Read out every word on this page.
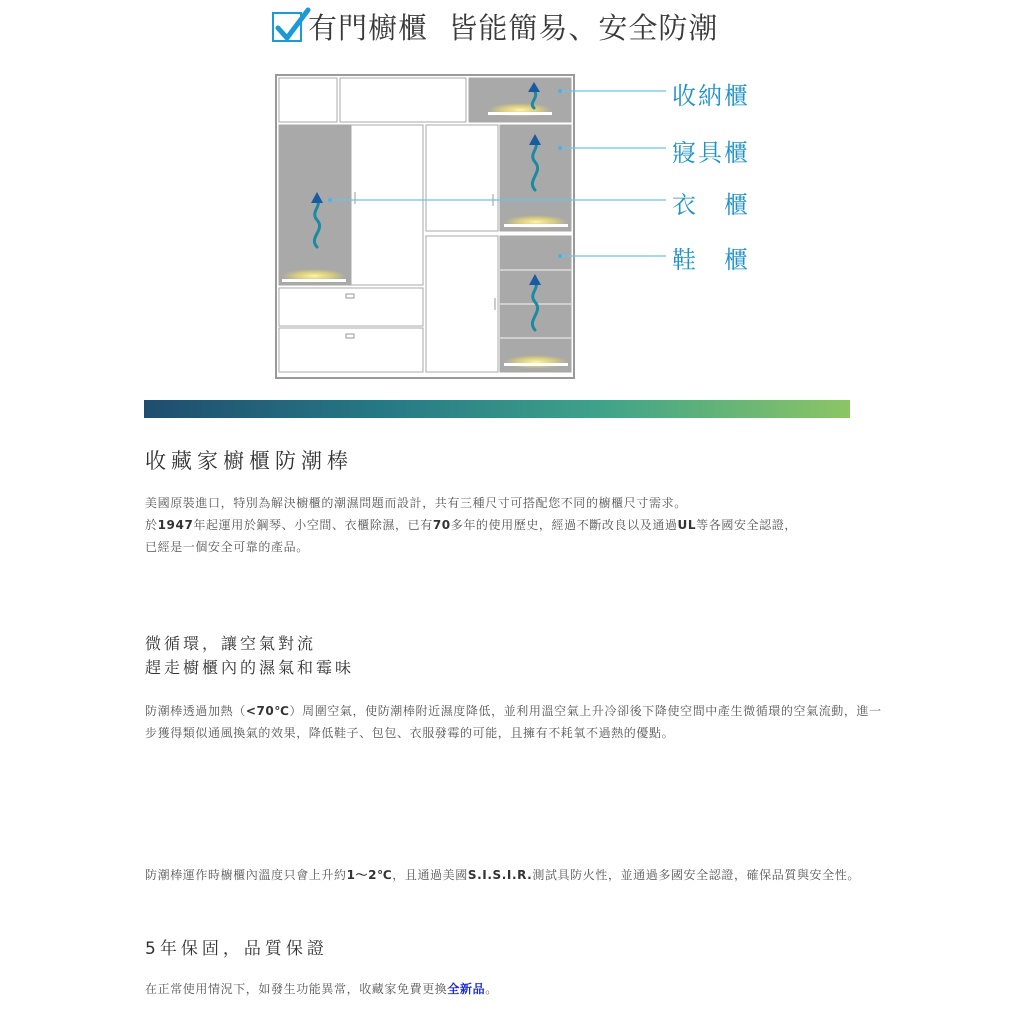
有門櫥櫃  皆能簡易、安全防潮
收納櫃
寢具櫃
衣　櫃
鞋　櫃
收藏家櫥櫃防潮棒
美國原裝進口，特別為解決櫥櫃的潮濕問題而設計，共有三種尺寸可搭配您不同的櫥櫃尺寸需求。
於1947年起運用於鋼琴、小空間、衣櫃除濕，已有70多年的使用歷史，經過不斷改良以及通過UL等各國安全認證，
已經是一個安全可靠的產品。
微循環，讓空氣對流
趕走櫥櫃內的濕氣和霉味
防潮棒透過加熱（<70℃）周圍空氣，使防潮棒附近濕度降低，並利用溫空氣上升冷卻後下降使空間中產生微循環的空氣流動，進一步獲得類似通風換氣的效果，降低鞋子、包包、衣服發霉的可能，且擁有不耗氧不過熱的優點。
防潮棒運作時櫥櫃內溫度只會上升約1～2℃，且通過美國S.I.S.I.R.測試具防火性，並通過多國安全認證，確保品質與安全性。
5年保固，品質保證
在正常使用情況下，如發生功能異常，收藏家免費更換全新品。
